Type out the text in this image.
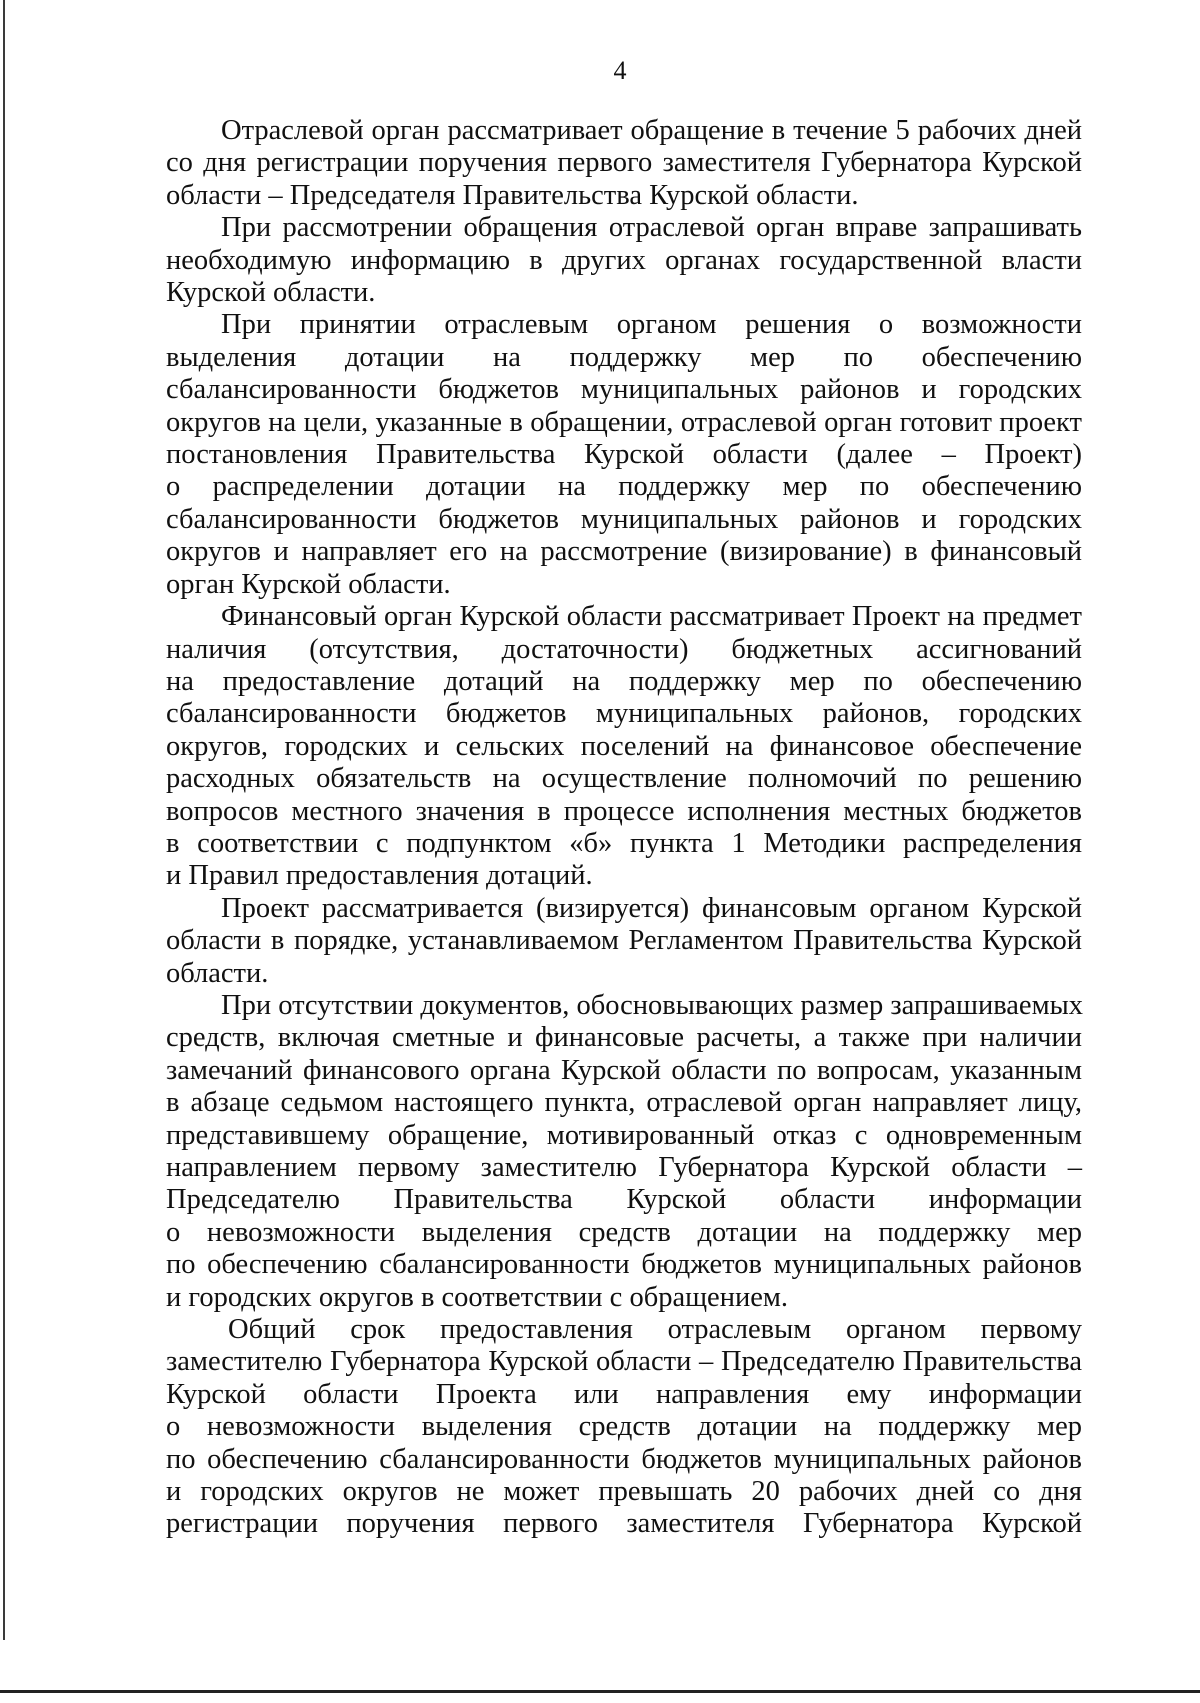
4

Отраслевой орган рассматривает обращение в течение 5 рабочих дней
со дня регистрации поручения первого заместителя Губернатора Курской
области – Председателя Правительства Курской области.

При рассмотрении обращения отраслевой орган вправе запрашивать
необходимую информацию в других органах государственной власти
Курской области.

При принятии отраслевым органом решения о возможности
выделения дотации на поддержку мер по обеспечению
сбалансированности бюджетов муниципальных районов и городских
округов на цели, указанные в обращении, отраслевой орган готовит проект
постановления Правительства Курской области (далее – Проект)
о распределении дотации на поддержку мер по обеспечению
сбалансированности бюджетов муниципальных районов и городских
округов и направляет его на рассмотрение (визирование) в финансовый
орган Курской области.

Финансовый орган Курской области рассматривает Проект на предмет
наличия (отсутствия, достаточности) бюджетных ассигнований
на предоставление дотаций на поддержку мер по обеспечению
сбалансированности бюджетов муниципальных районов, городских
округов, городских и сельских поселений на финансовое обеспечение
расходных обязательств на осуществление полномочий по решению
вопросов местного значения в процессе исполнения местных бюджетов
в соответствии с подпунктом «б» пункта 1 Методики распределения
и Правил предоставления дотаций.

Проект рассматривается (визируется) финансовым органом Курской
области в порядке, устанавливаемом Регламентом Правительства Курской
области.

При отсутствии документов, обосновывающих размер запрашиваемых
средств, включая сметные и финансовые расчеты, а также при наличии
замечаний финансового органа Курской области по вопросам, указанным
в абзаце седьмом настоящего пункта, отраслевой орган направляет лицу,
представившему обращение, мотивированный отказ с одновременным
направлением первому заместителю Губернатора Курской области –
Председателю Правительства Курской области информации
о невозможности выделения средств дотации на поддержку мер
по обеспечению сбалансированности бюджетов муниципальных районов
и городских округов в соответствии с обращением.

Общий срок предоставления отраслевым органом первому
заместителю Губернатора Курской области – Председателю Правительства
Курской области Проекта или направления ему информации
о невозможности выделения средств дотации на поддержку мер
по обеспечению сбалансированности бюджетов муниципальных районов
и городских округов не может превышать 20 рабочих дней со дня
регистрации поручения первого заместителя Губернатора Курской
